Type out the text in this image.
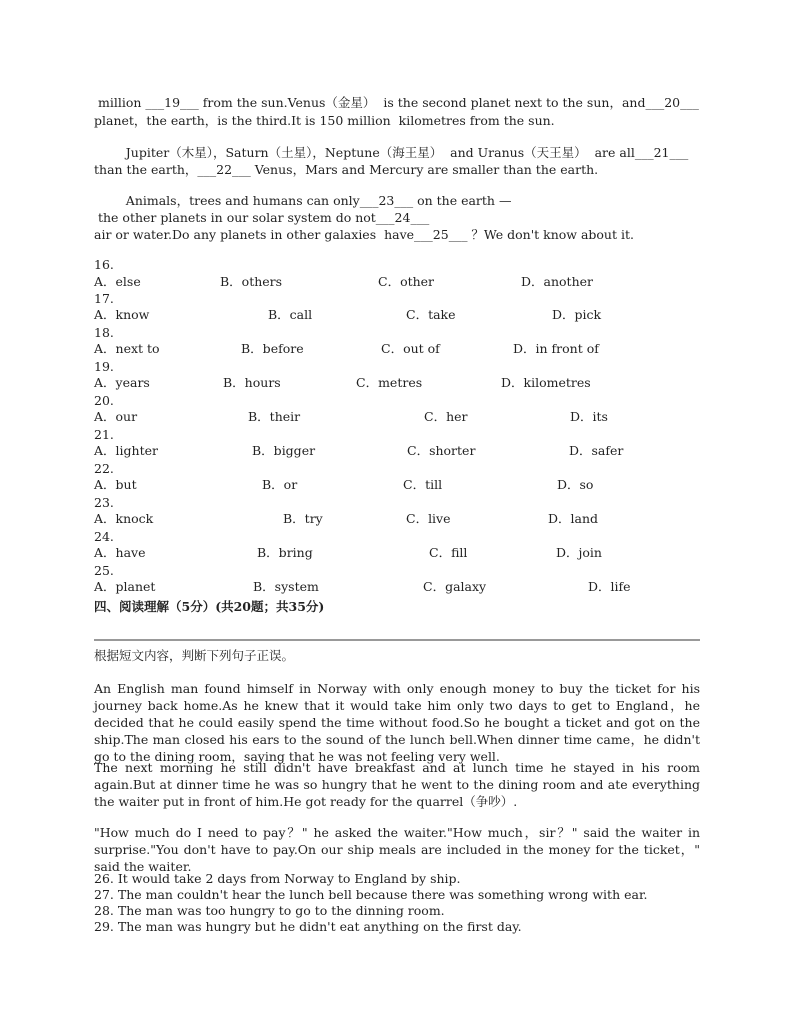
million ___19___ from the sun.Venus（金星）  is the second planet next to the sun，and___20___
planet，the earth，is the third.It is 150 million  kilometres from the sun.
Jupiter（木星），Saturn（土星），Neptune（海王星）  and Uranus（天王星）  are all___21___
than the earth，___22___ Venus，Mars and Mercury are smaller than the earth.
Animals，trees and humans can only___23___ on the earth —
the other planets in our solar system do not___24___
air or water.Do any planets in other galaxies  have___25___ ？We don't know about it.
16.
A．else	B．others	C．other	D．another
17.
A．know	B．call	C．take	D．pick
18.
A．next to	B．before	C．out of	D．in front of
19.
A．years	B．hours	C．metres	D．kilometres
20.
A．our	B．their	C．her	D．its
21.
A．lighter	B．bigger	C．shorter	D．safer
22.
A．but	B．or	C．till	D．so
23.
A．knock	B．try	C．live	D．land
24.
A．have	B．bring	C．fill	D．join
25.
A．planet	B．system	C．galaxy	D．life
四、阅读理解（5分）(共20题；共35分)
根据短文内容，判断下列句子正误。
An English man found himself in Norway with only enough money to buy the ticket for his journey back home.As he knew that it would take him only two days to get to England，he decided that he could easily spend the time without food.So he bought a ticket and got on the ship.The man closed his ears to the sound of the lunch bell.When dinner time came，he didn't go to the dining room，saying that he was not feeling very well.
The next morning he still didn't have breakfast and at lunch time he stayed in his room again.But at dinner time he was so hungry that he went to the dining room and ate everything the waiter put in front of him.He got ready for the quarrel（争吵）.
"How much do I need to pay？" he asked the waiter."How much，sir？" said the waiter in surprise."You don't have to pay.On our ship meals are included in the money for the ticket，" said the waiter.
26. It would take 2 days from Norway to England by ship.
27. The man couldn't hear the lunch bell because there was something wrong with ear.
28. The man was too hungry to go to the dinning room.
29. The man was hungry but he didn't eat anything on the first day.
